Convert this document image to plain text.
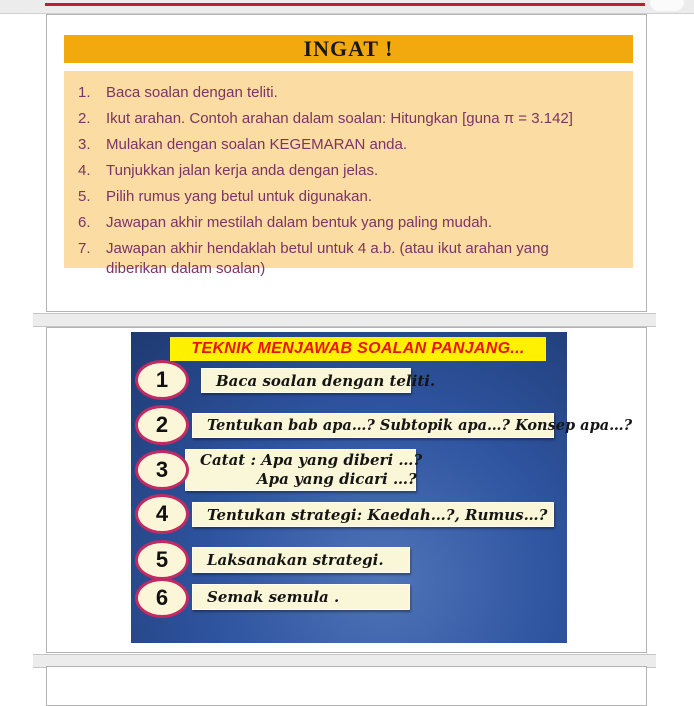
INGAT !
1.	Baca soalan dengan teliti.
2.	Ikut arahan. Contoh arahan dalam soalan: Hitungkan [guna π = 3.142]
3.	Mulakan dengan soalan KEGEMARAN anda.
4.	Tunjukkan jalan kerja anda dengan jelas.
5.	Pilih rumus yang betul untuk digunakan.
6.	Jawapan akhir mestilah dalam bentuk yang paling mudah.
7.	Jawapan akhir hendaklah betul untuk 4 a.b. (atau ikut arahan yang diberikan dalam soalan)
TEKNIK MENJAWAB SOALAN PANJANG...
1	Baca soalan dengan teliti.
2	Tentukan bab apa…? Subtopik apa…? Konsep apa…?
3	Catat : Apa yang diberi …?
Apa yang dicari …?
4	Tentukan strategi: Kaedah…?, Rumus…?
5	Laksanakan strategi.
6	Semak semula .
